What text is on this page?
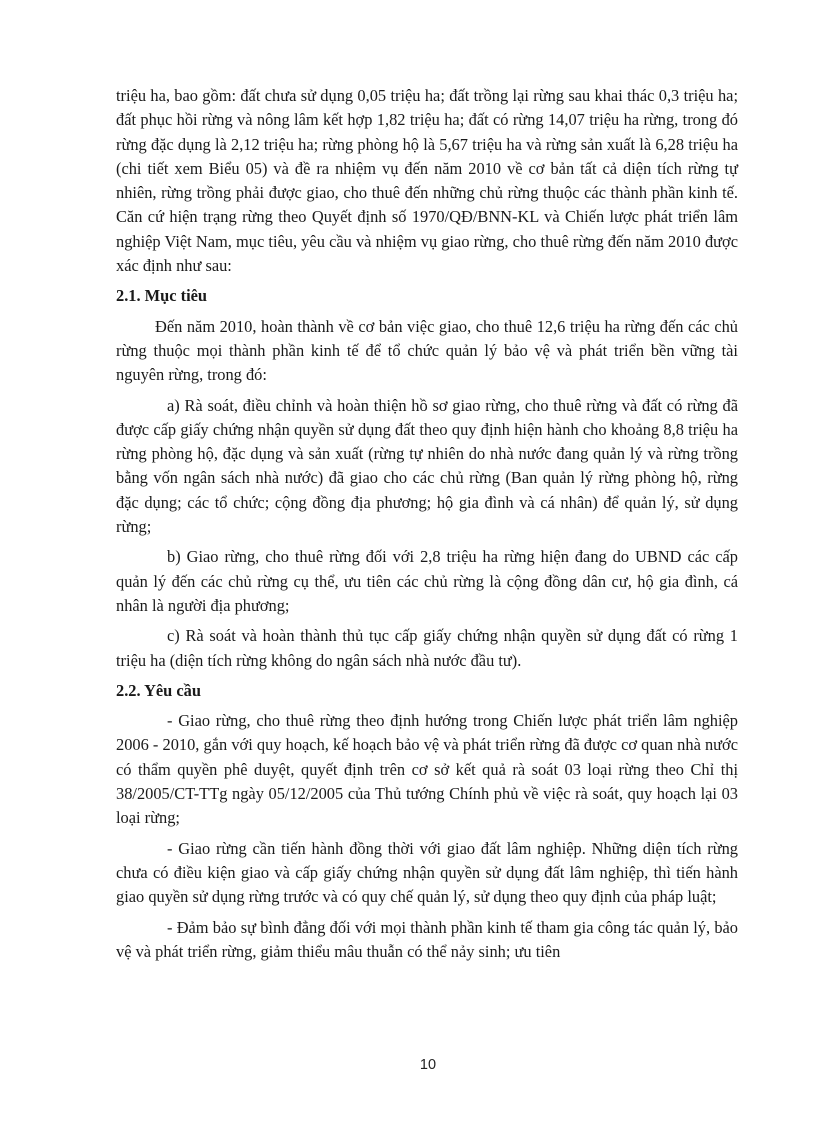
triệu ha, bao gồm: đất chưa sử dụng 0,05 triệu ha; đất trồng lại rừng sau khai thác 0,3 triệu ha; đất phục hồi rừng và nông lâm kết hợp 1,82 triệu ha; đất có rừng 14,07 triệu ha rừng, trong đó rừng đặc dụng là 2,12 triệu ha; rừng phòng hộ là 5,67 triệu ha và rừng sản xuất là 6,28 triệu ha (chi tiết xem Biểu 05) và đề ra nhiệm vụ đến năm 2010 về cơ bản tất cả diện tích rừng tự nhiên, rừng trồng phải được giao, cho thuê đến những chủ rừng thuộc các thành phần kinh tế. Căn cứ hiện trạng rừng theo Quyết định số 1970/QĐ/BNN-KL và Chiến lược phát triển lâm nghiệp Việt Nam, mục tiêu, yêu cầu và nhiệm vụ giao rừng, cho thuê rừng đến năm 2010 được xác định như sau:

2.1. Mục tiêu

Đến năm 2010, hoàn thành về cơ bản việc giao, cho thuê 12,6 triệu ha rừng đến các chủ rừng thuộc mọi thành phần kinh tế để tổ chức quản lý bảo vệ và phát triển bền vững tài nguyên rừng, trong đó:

a) Rà soát, điều chỉnh và hoàn thiện hồ sơ giao rừng, cho thuê rừng và đất có rừng đã được cấp giấy chứng nhận quyền sử dụng đất theo quy định hiện hành cho khoảng 8,8 triệu ha rừng phòng hộ, đặc dụng và sản xuất (rừng tự nhiên do nhà nước đang quản lý và rừng trồng bằng vốn ngân sách nhà nước) đã giao cho các chủ rừng (Ban quản lý rừng phòng hộ, rừng đặc dụng; các tổ chức; cộng đồng địa phương; hộ gia đình và cá nhân) để quản lý, sử dụng rừng;

b) Giao rừng, cho thuê rừng đối với 2,8 triệu ha rừng hiện đang do UBND các cấp quản lý đến các chủ rừng cụ thể, ưu tiên các chủ rừng là cộng đồng dân cư, hộ gia đình, cá nhân là người địa phương;

c) Rà soát và hoàn thành thủ tục cấp giấy chứng nhận quyền sử dụng đất có rừng 1 triệu ha (diện tích rừng không do ngân sách nhà nước đầu tư).

2.2. Yêu cầu

- Giao rừng, cho thuê rừng theo định hướng trong Chiến lược phát triển lâm nghiệp 2006 - 2010, gắn với quy hoạch, kế hoạch bảo vệ và phát triển rừng đã được cơ quan nhà nước có thẩm quyền phê duyệt, quyết định trên cơ sở kết quả rà soát 03 loại rừng theo Chỉ thị 38/2005/CT-TTg ngày 05/12/2005 của Thủ tướng Chính phủ về việc rà soát, quy hoạch lại 03 loại rừng;

- Giao rừng cần tiến hành đồng thời với giao đất lâm nghiệp. Những diện tích rừng chưa có điều kiện giao và cấp giấy chứng nhận quyền sử dụng đất lâm nghiệp, thì tiến hành giao quyền sử dụng rừng trước và có quy chế quản lý, sử dụng theo quy định của pháp luật;

- Đảm bảo sự bình đẳng đối với mọi thành phần kinh tế tham gia công tác quản lý, bảo vệ và phát triển rừng, giảm thiểu mâu thuẫn có thể nảy sinh; ưu tiên

10
